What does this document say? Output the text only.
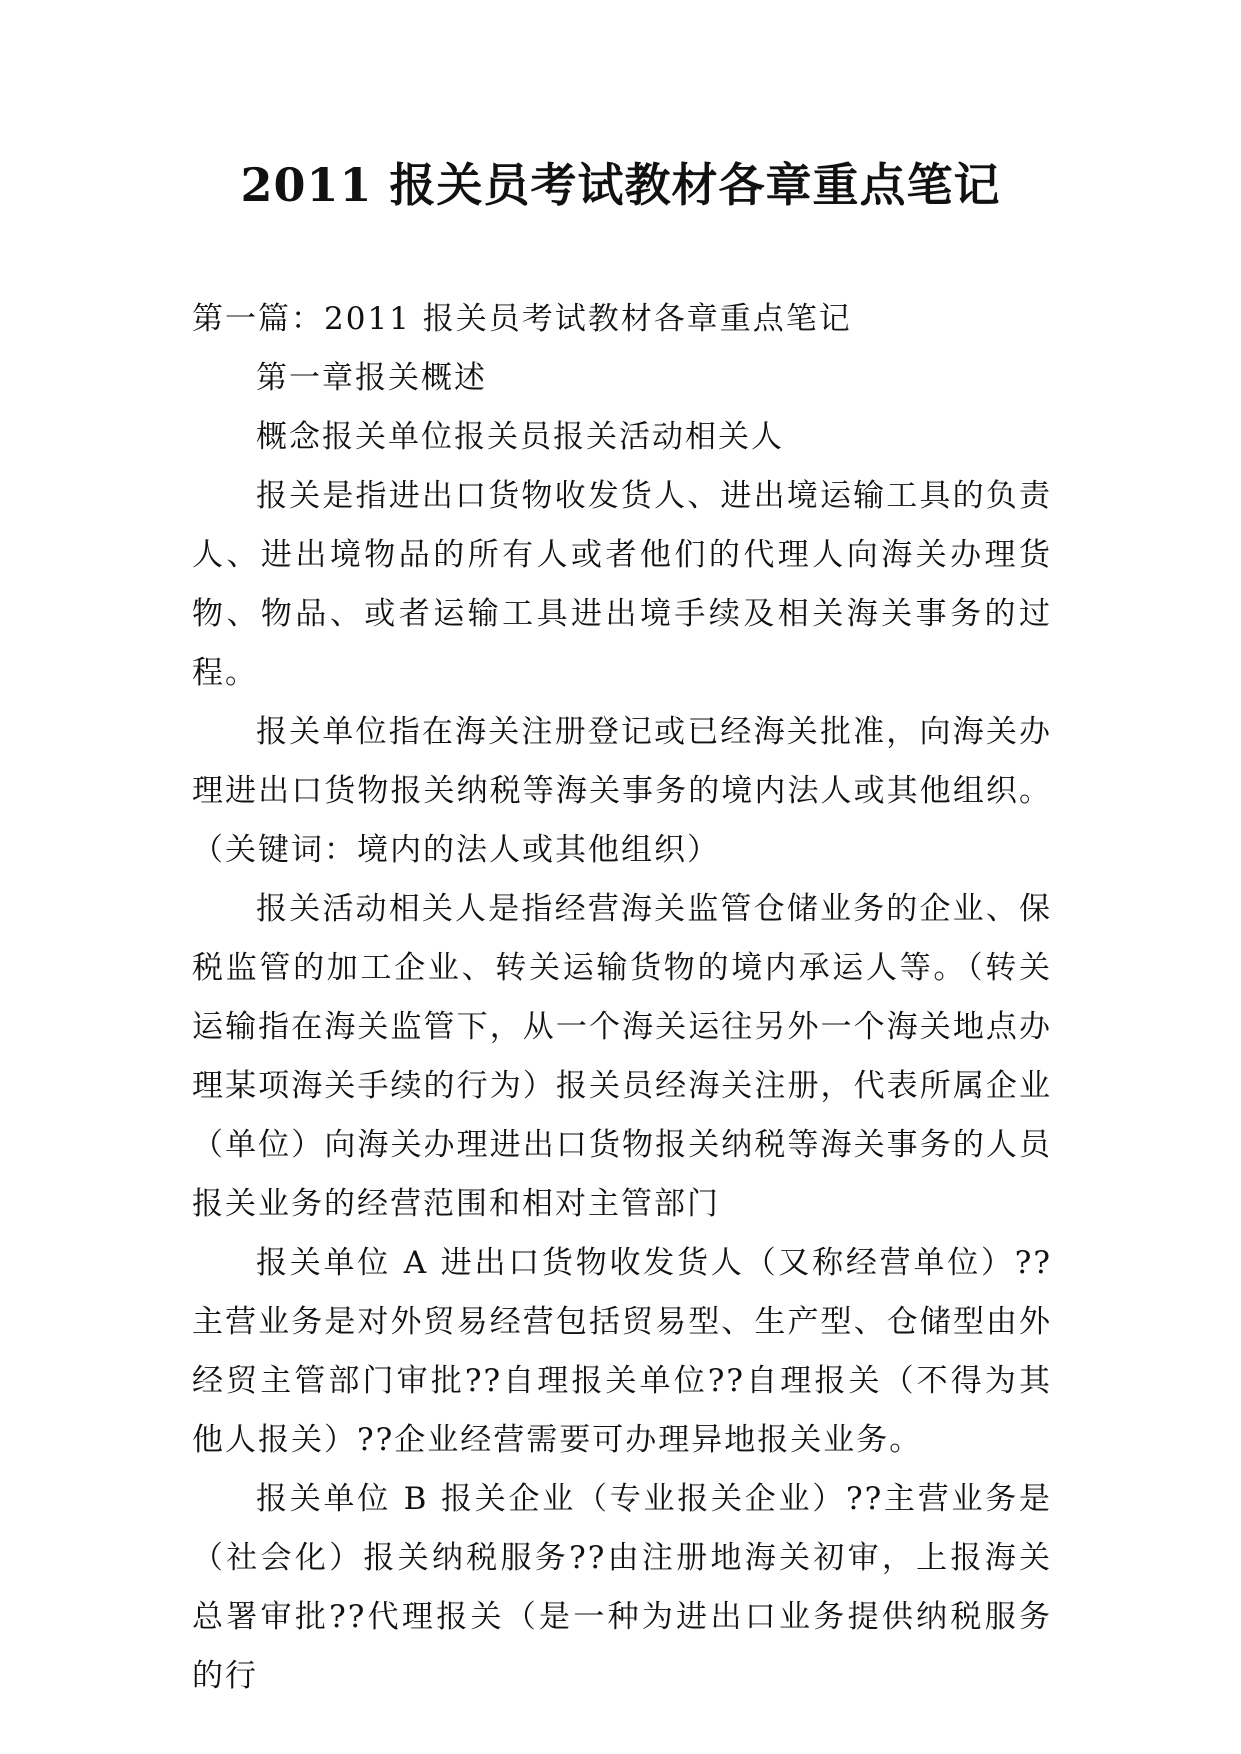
2011 报关员考试教材各章重点笔记

第一篇：2011 报关员考试教材各章重点笔记

第一章报关概述

概念报关单位报关员报关活动相关人

报关是指进出口货物收发货人、进出境运输工具的负责人、进出境物品的所有人或者他们的代理人向海关办理货物、物品、或者运输工具进出境手续及相关海关事务的过程。

报关单位指在海关注册登记或已经海关批准，向海关办理进出口货物报关纳税等海关事务的境内法人或其他组织。（关键词：境内的法人或其他组织）

报关活动相关人是指经营海关监管仓储业务的企业、保税监管的加工企业、转关运输货物的境内承运人等。（转关运输指在海关监管下，从一个海关运往另外一个海关地点办理某项海关手续的行为）报关员经海关注册，代表所属企业（单位）向海关办理进出口货物报关纳税等海关事务的人员报关业务的经营范围和相对主管部门

报关单位 A 进出口货物收发货人（又称经营单位）??主营业务是对外贸易经营包括贸易型、生产型、仓储型由外经贸主管部门审批??自理报关单位??自理报关（不得为其他人报关）??企业经营需要可办理异地报关业务。

报关单位 B 报关企业（专业报关企业）??主营业务是（社会化）报关纳税服务??由注册地海关初审，上报海关总署审批??代理报关（是一种为进出口业务提供纳税服务的行
